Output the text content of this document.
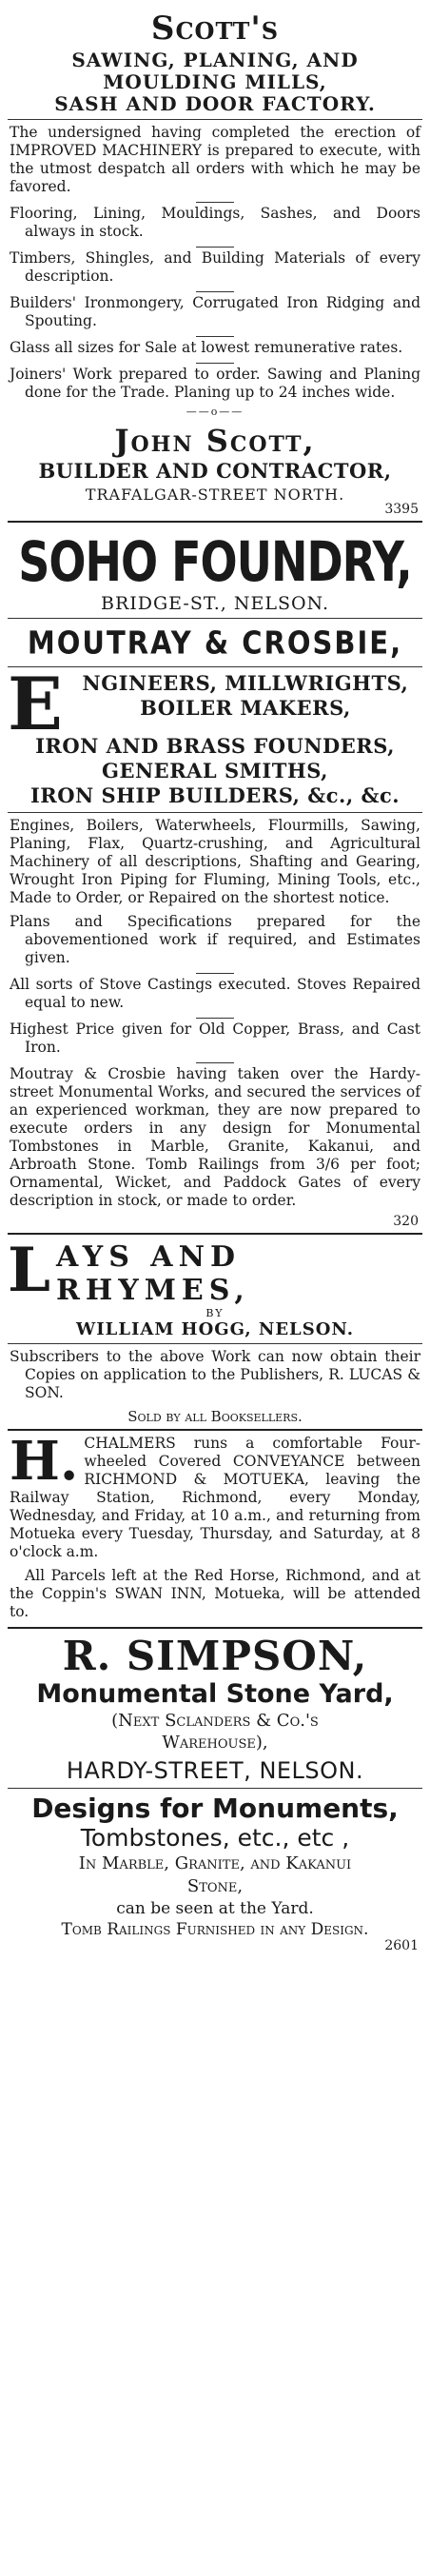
Scott's
SAWING, PLANING, AND
MOULDING MILLS,
SASH AND DOOR FACTORY.

The undersigned having completed the erection of IMPROVED MACHINERY is prepared to execute, with the utmost despatch all orders with which he may be favored.

Flooring, Lining, Mouldings, Sashes, and Doors always in stock.

Timbers, Shingles, and Building Materials of every description.

Builders' Ironmongery, Corrugated Iron Ridging and Spouting.

Glass all sizes for Sale at lowest remunerative rates.

Joiners' Work prepared to order. Sawing and Planing done for the Trade. Planing up to 24 inches wide.

——o——
John Scott,
BUILDER AND CONTRACTOR,
TRAFALGAR-STREET NORTH.
3395
SOHO FOUNDRY,
BRIDGE-ST., NELSON.
MOUTRAY & CROSBIE,
E NGINEERS, MILLWRIGHTS,
BOILER MAKERS,
IRON AND BRASS FOUNDERS,
GENERAL SMITHS,
IRON SHIP BUILDERS, &c., &c.

Engines, Boilers, Waterwheels, Flourmills, Sawing, Planing, Flax, Quartz-crushing, and Agricultural Machinery of all descriptions, Shafting and Gearing, Wrought Iron Piping for Fluming, Mining Tools, etc., Made to Order, or Repaired on the shortest notice.

Plans and Specifications prepared for the abovementioned work if required, and Estimates given.

All sorts of Stove Castings executed. Stoves Repaired equal to new.

Highest Price given for Old Copper, Brass, and Cast Iron.

Moutray & Crosbie having taken over the Hardy-street Monumental Works, and secured the services of an experienced workman, they are now prepared to execute orders in any design for Monumental Tombstones in Marble, Granite, Kakanui, and Arbroath Stone. Tomb Railings from 3/6 per foot; Ornamental, Wicket, and Paddock Gates of every description in stock, or made to order.

320
L AYS AND RHYMES,
BY
WILLIAM HOGG, NELSON.

Subscribers to the above Work can now obtain their Copies on application to the Publishers, R. LUCAS & SON.

Sold by all Booksellers.
H. CHALMERS runs a comfortable Four-wheeled Covered CONVEYANCE between RICHMOND & MOTUEKA, leaving the Railway Station, Richmond, every Monday, Wednesday, and Friday, at 10 a.m., and returning from Motueka every Tuesday, Thursday, and Saturday, at 8 o'clock a.m.

All Parcels left at the Red Horse, Richmond, and at the Coppin's SWAN INN, Motueka, will be attended to.

R. SIMPSON,
Monumental Stone Yard,
(Next Sclanders & Co.'s
Warehouse),
HARDY-STREET, NELSON.
Designs for Monuments,
Tombstones, etc., etc ,
In Marble, Granite, and Kakanui
Stone,
can be seen at the Yard.
Tomb Railings Furnished in any Design.
2601
